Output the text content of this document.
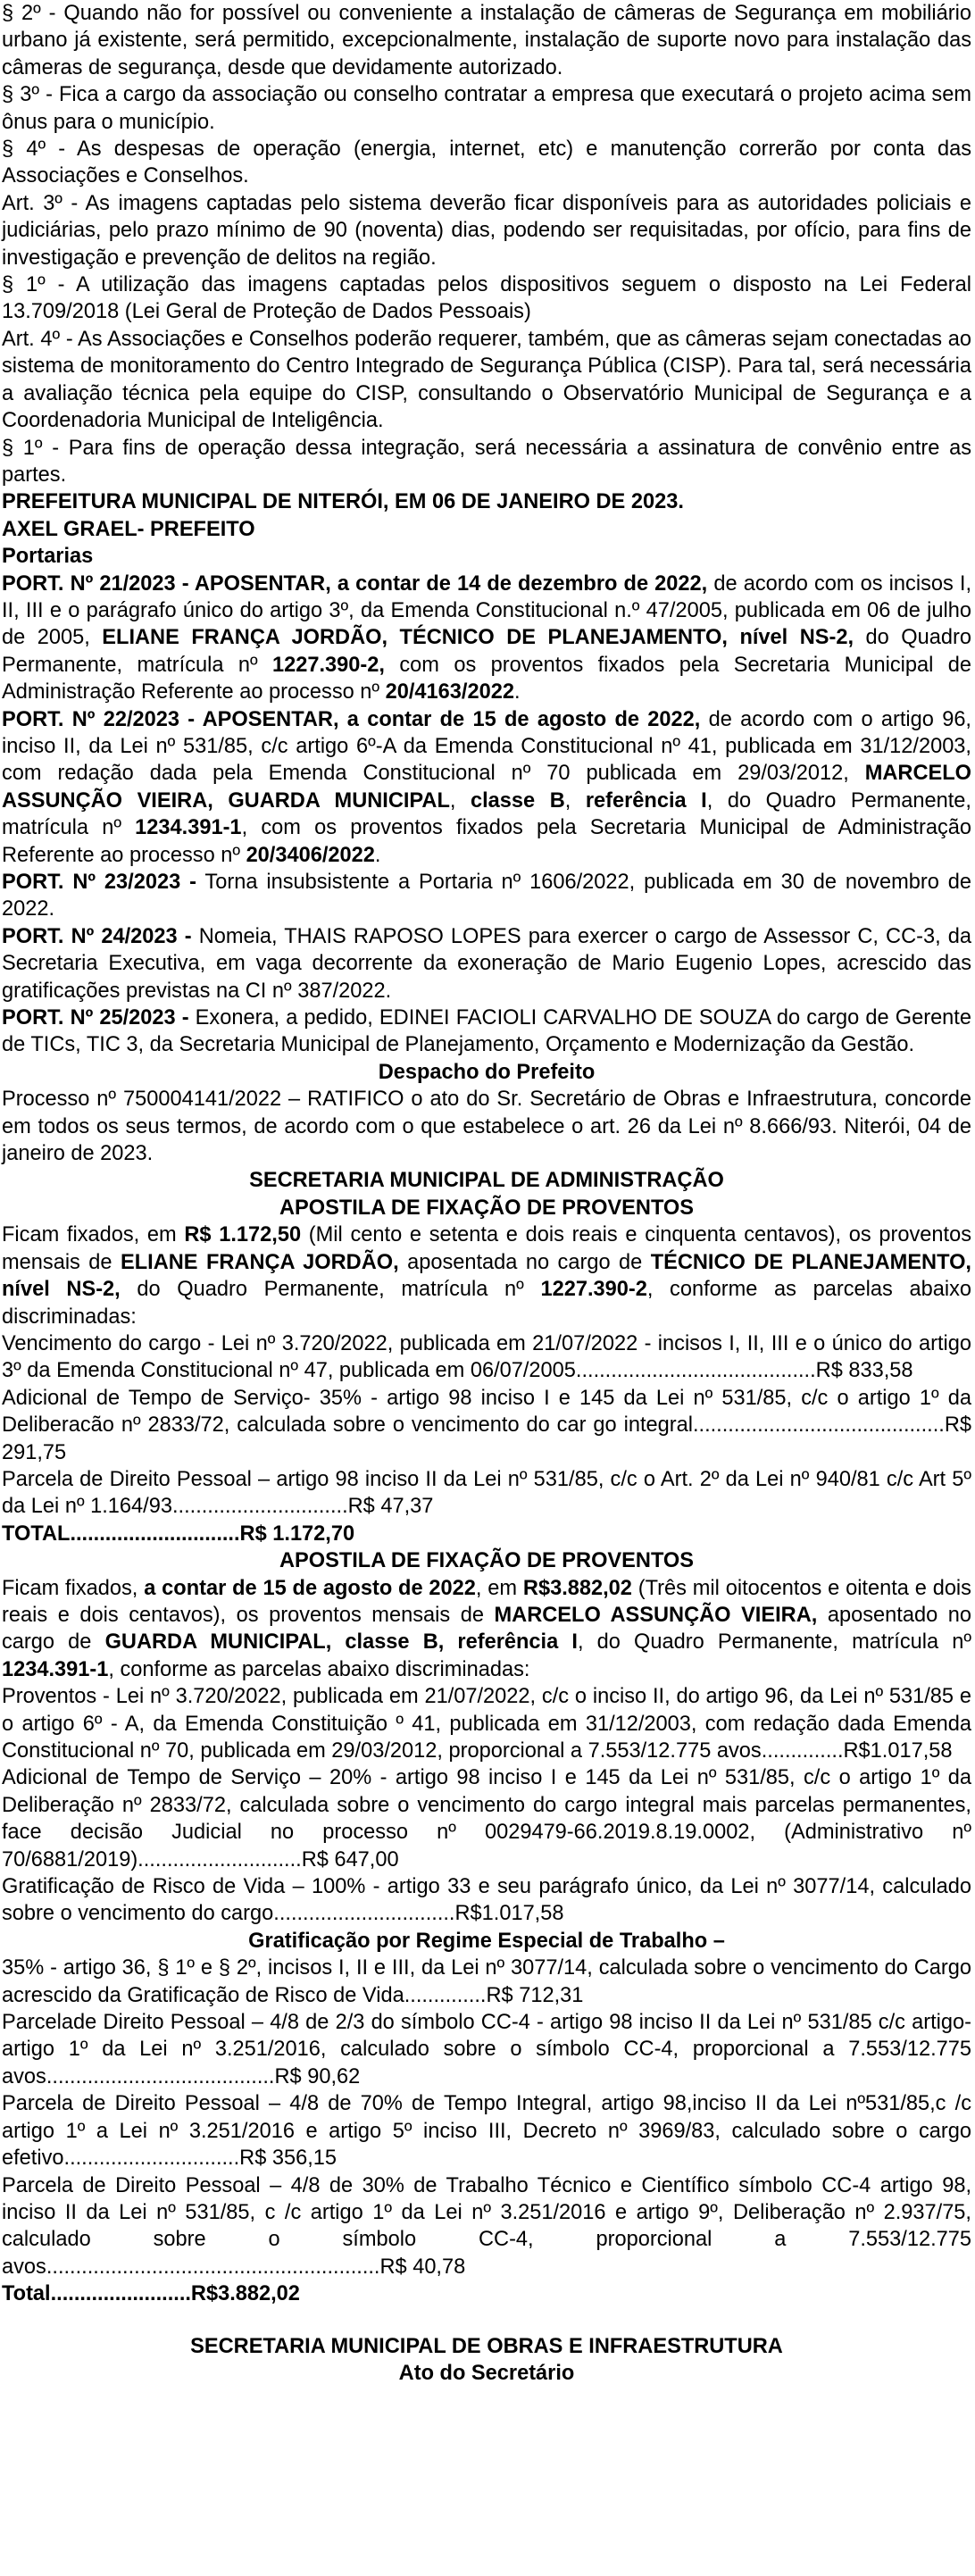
§ 2º - Quando não for possível ou conveniente a instalação de câmeras de Segurança em mobiliário urbano já existente, será permitido, excepcionalmente, instalação de suporte novo para instalação das câmeras de segurança, desde que devidamente autorizado.

§ 3º - Fica a cargo da associação ou conselho contratar a empresa que executará o projeto acima sem ônus para o município.

§ 4º - As despesas de operação (energia, internet, etc) e manutenção correrão por conta das Associações e Conselhos.

Art. 3º - As imagens captadas pelo sistema deverão ficar disponíveis para as autoridades policiais e judiciárias, pelo prazo mínimo de 90 (noventa) dias, podendo ser requisitadas, por ofício, para fins de investigação e prevenção de delitos na região.

§ 1º - A utilização das imagens captadas pelos dispositivos seguem o disposto na Lei Federal 13.709/2018 (Lei Geral de Proteção de Dados Pessoais)

Art. 4º - As Associações e Conselhos poderão requerer, também, que as câmeras sejam conectadas ao sistema de monitoramento do Centro Integrado de Segurança Pública (CISP). Para tal, será necessária a avaliação técnica pela equipe do CISP, consultando o Observatório Municipal de Segurança e a Coordenadoria Municipal de Inteligência.

§ 1º - Para fins de operação dessa integração, será necessária a assinatura de convênio entre as partes.

PREFEITURA MUNICIPAL DE NITERÓI, EM 06 DE JANEIRO DE 2023.

AXEL GRAEL- PREFEITO

Portarias

PORT. Nº 21/2023 - APOSENTAR, a contar de 14 de dezembro de 2022, de acordo com os incisos I, II, III e o parágrafo único do artigo 3º, da Emenda Constitucional n.º 47/2005, publicada em 06 de julho de 2005, ELIANE FRANÇA JORDÃO, TÉCNICO DE PLANEJAMENTO, nível NS-2, do Quadro Permanente, matrícula nº 1227.390-2, com os proventos fixados pela Secretaria Municipal de Administração Referente ao processo nº 20/4163/2022.

PORT. Nº 22/2023 - APOSENTAR, a contar de 15 de agosto de 2022, de acordo com o artigo 96, inciso II, da Lei nº 531/85, c/c artigo 6º-A da Emenda Constitucional nº 41, publicada em 31/12/2003, com redação dada pela Emenda Constitucional nº 70 publicada em 29/03/2012, MARCELO ASSUNÇÃO VIEIRA, GUARDA MUNICIPAL, classe B, referência I, do Quadro Permanente, matrícula nº 1234.391-1, com os proventos fixados pela Secretaria Municipal de Administração Referente ao processo nº 20/3406/2022.

PORT. Nº 23/2023 - Torna insubsistente a Portaria nº 1606/2022, publicada em 30 de novembro de 2022.

PORT. Nº 24/2023 - Nomeia, THAIS RAPOSO LOPES para exercer o cargo de Assessor C, CC-3, da Secretaria Executiva, em vaga decorrente da exoneração de Mario Eugenio Lopes, acrescido das gratificações previstas na CI nº 387/2022.

PORT. Nº 25/2023 - Exonera, a pedido, EDINEI FACIOLI CARVALHO DE SOUZA do cargo de Gerente de TICs, TIC 3, da Secretaria Municipal de Planejamento, Orçamento e Modernização da Gestão.

Despacho do Prefeito

Processo nº 750004141/2022 – RATIFICO o ato do Sr. Secretário de Obras e Infraestrutura, concorde em todos os seus termos, de acordo com o que estabelece o art. 26 da Lei nº 8.666/93. Niterói, 04 de janeiro de 2023.

SECRETARIA MUNICIPAL DE ADMINISTRAÇÃO

APOSTILA DE FIXAÇÃO DE PROVENTOS

Ficam fixados, em R$ 1.172,50 (Mil cento e setenta e dois reais e cinquenta centavos), os proventos mensais de ELIANE FRANÇA JORDÃO, aposentada no cargo de TÉCNICO DE PLANEJAMENTO, nível NS-2, do Quadro Permanente, matrícula nº 1227.390-2, conforme as parcelas abaixo discriminadas:

Vencimento do cargo - Lei nº 3.720/2022, publicada em 21/07/2022 - incisos I, II, III e o único do artigo 3º da Emenda Constitucional nº 47, publicada em 06/07/2005.........................................R$ 833,58

Adicional de Tempo de Serviço- 35% - artigo 98 inciso I e 145 da Lei nº 531/85, c/c o artigo 1º da Deliberacão nº 2833/72, calculada sobre o vencimento do car go integral...........................................R$ 291,75

Parcela de Direito Pessoal – artigo 98 inciso II da Lei nº 531/85, c/c o Art. 2º da Lei nº 940/81 c/c Art 5º da Lei nº 1.164/93..............................R$ 47,37

TOTAL.............................R$ 1.172,70

APOSTILA DE FIXAÇÃO DE PROVENTOS

Ficam fixados, a contar de 15 de agosto de 2022, em R$3.882,02 (Três mil oitocentos e oitenta e dois reais e dois centavos), os proventos mensais de MARCELO ASSUNÇÃO VIEIRA, aposentado no cargo de GUARDA MUNICIPAL, classe B, referência I, do Quadro Permanente, matrícula nº 1234.391-1, conforme as parcelas abaixo discriminadas:

Proventos - Lei nº 3.720/2022, publicada em 21/07/2022, c/c o inciso II, do artigo 96, da Lei nº 531/85 e o artigo 6º - A, da Emenda Constituição º 41, publicada em 31/12/2003, com redação dada Emenda Constitucional nº 70, publicada em 29/03/2012, proporcional a 7.553/12.775 avos..............R$1.017,58

Adicional de Tempo de Serviço – 20% - artigo 98 inciso I e 145 da Lei nº 531/85, c/c o artigo 1º da Deliberação nº 2833/72, calculada sobre o vencimento do cargo integral mais parcelas permanentes, face decisão Judicial no processo nº 0029479-66.2019.8.19.0002, (Administrativo nº 70/6881/2019)............................R$ 647,00

Gratificação de Risco de Vida – 100% - artigo 33 e seu parágrafo único, da Lei nº 3077/14, calculado sobre o vencimento do cargo...............................R$1.017,58

Gratificação por Regime Especial de Trabalho –

35% - artigo 36, § 1º e § 2º, incisos I, II e III, da Lei nº 3077/14, calculada sobre o vencimento do Cargo acrescido da Gratificação de Risco de Vida..............R$ 712,31

Parcelade Direito Pessoal – 4/8 de 2/3 do símbolo CC-4 - artigo 98 inciso II da Lei nº 531/85 c/c artigo- artigo 1º da Lei nº 3.251/2016, calculado sobre o símbolo CC-4, proporcional a 7.553/12.775 avos.......................................R$ 90,62

Parcela de Direito Pessoal – 4/8 de 70% de Tempo Integral, artigo 98,inciso II da Lei nº531/85,c /c artigo 1º a Lei nº 3.251/2016 e artigo 5º inciso III, Decreto nº 3969/83, calculado sobre o cargo efetivo..............................R$ 356,15

Parcela de Direito Pessoal – 4/8 de 30% de Trabalho Técnico e Científico símbolo CC-4 artigo 98, inciso II da Lei nº 531/85, c /c artigo 1º da Lei nº 3.251/2016 e artigo 9º, Deliberação nº 2.937/75, calculado sobre o símbolo CC-4, proporcional a 7.553/12.775 avos.........................................................R$ 40,78

Total........................R$3.882,02

SECRETARIA MUNICIPAL DE OBRAS E INFRAESTRUTURA

Ato do Secretário
